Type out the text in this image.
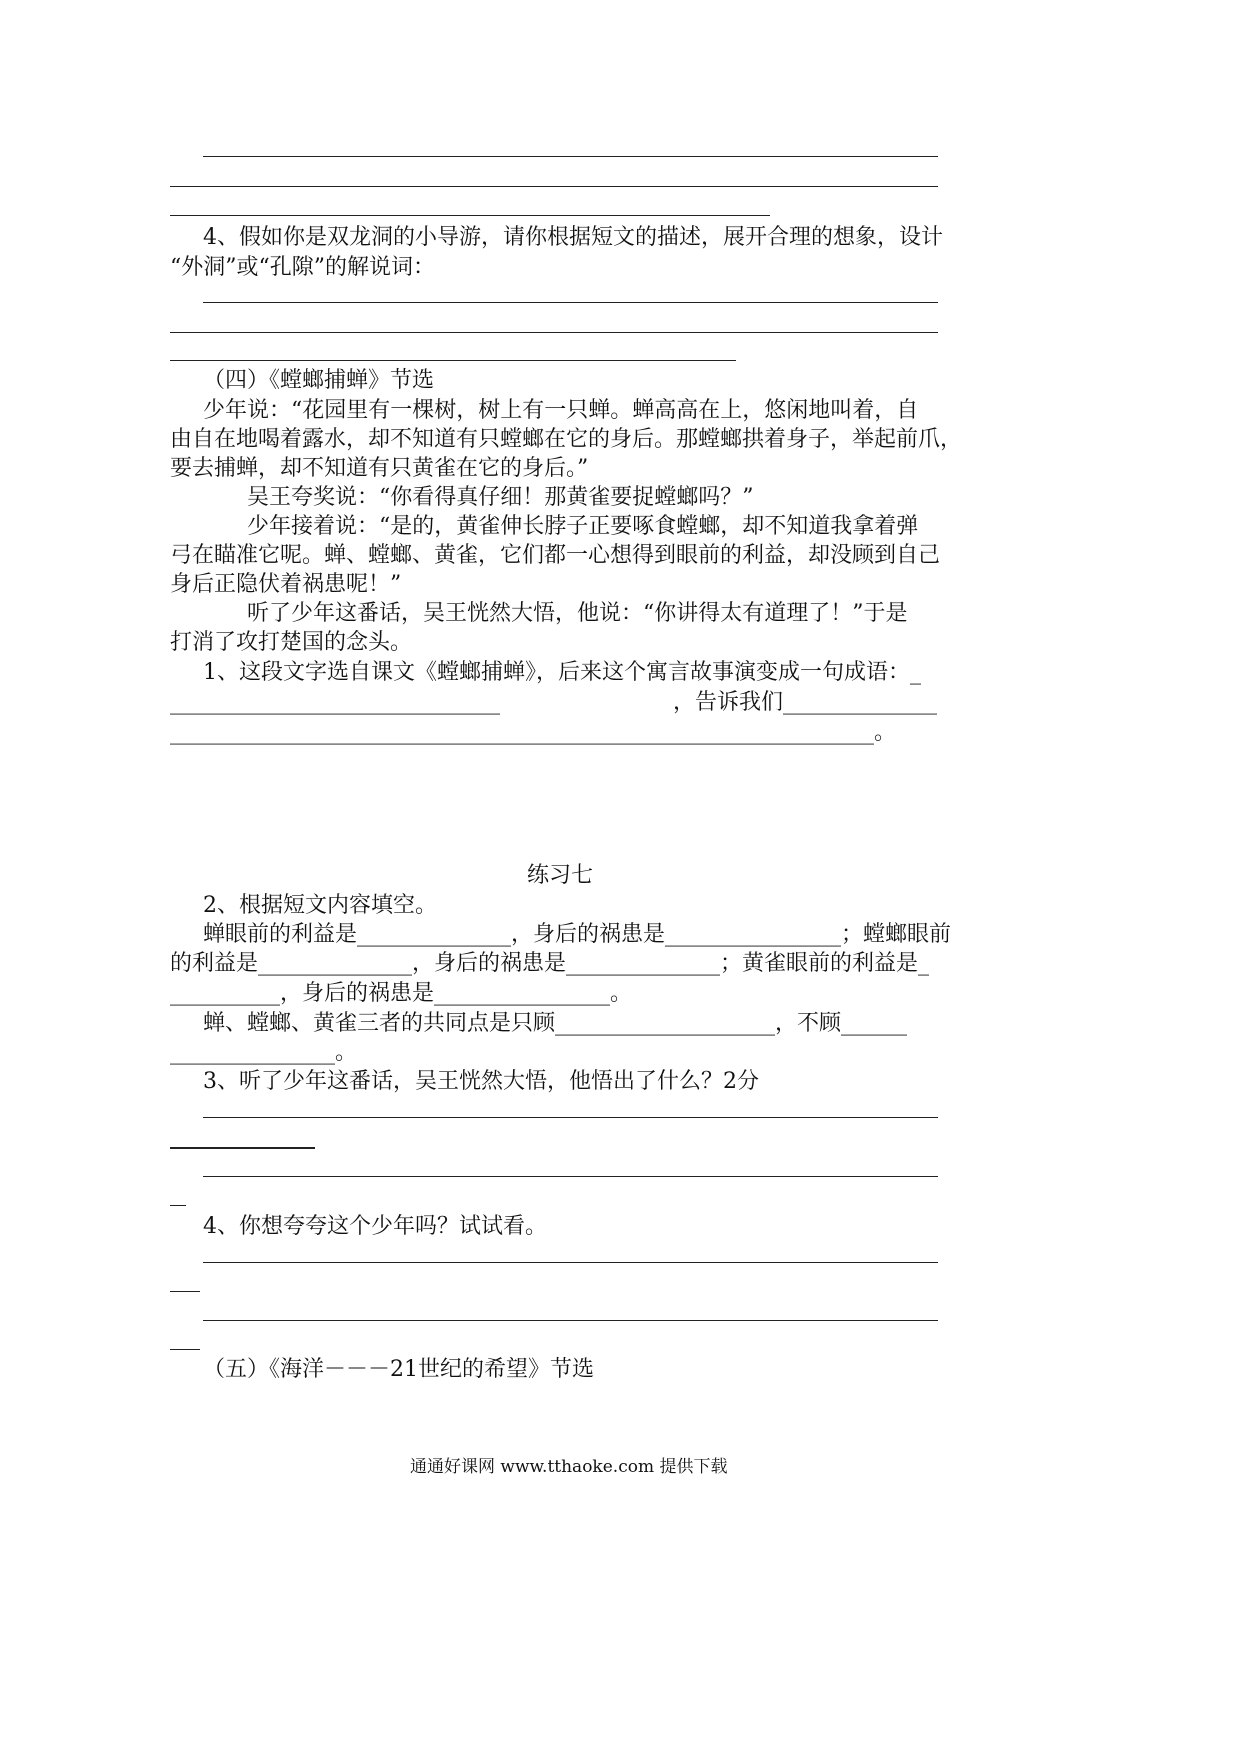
4、假如你是双龙洞的小导游，请你根据短文的描述，展开合理的想象，设计
“外洞”或“孔隙”的解说词：
（四）《螳螂捕蝉》节选
少年说：“花园里有一棵树，树上有一只蝉。蝉高高在上，悠闲地叫着，自
由自在地喝着露水，却不知道有只螳螂在它的身后。那螳螂拱着身子，举起前爪，
要去捕蝉，却不知道有只黄雀在它的身后。”
吴王夸奖说：“你看得真仔细！那黄雀要捉螳螂吗？”
少年接着说：“是的，黄雀伸长脖子正要啄食螳螂，却不知道我拿着弹
弓在瞄准它呢。蝉、螳螂、黄雀，它们都一心想得到眼前的利益，却没顾到自己
身后正隐伏着祸患呢！”
听了少年这番话，吴王恍然大悟，他说：“你讲得太有道理了！”于是
打消了攻打楚国的念头。
1、这段文字选自课文《螳螂捕蝉》，后来这个寓言故事演变成一句成语：_
______________________________	，告诉我们______________
________________________________________________________________。
练习七
2、根据短文内容填空。
蝉眼前的利益是______________，身后的祸患是________________；螳螂眼前
的利益是______________，身后的祸患是______________；黄雀眼前的利益是_
__________，身后的祸患是________________。
蝉、螳螂、黄雀三者的共同点是只顾____________________，不顾______
_______________。
3、听了少年这番话，吴王恍然大悟，他悟出了什么？2分
4、你想夸夸这个少年吗？试试看。
（五）《海洋－－－21世纪的希望》节选
通通好课网 www.tthaoke.com 提供下载
